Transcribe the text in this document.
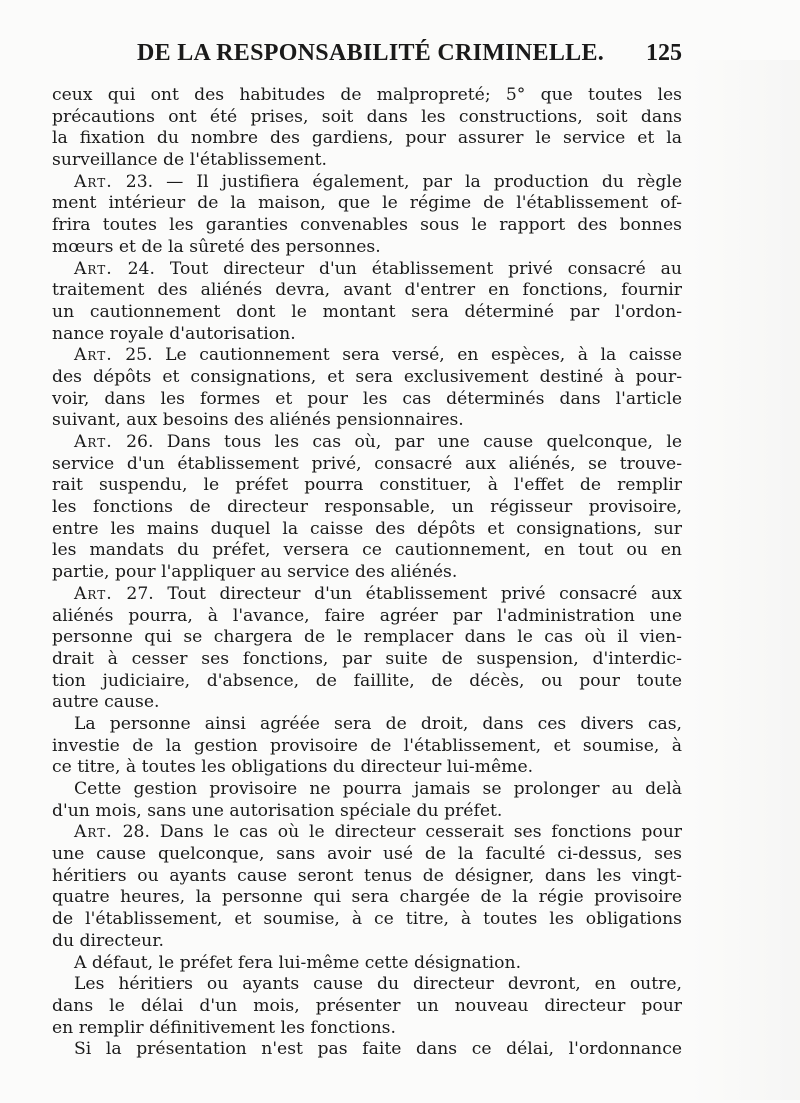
DE LA RESPONSABILITÉ CRIMINELLE. 125
ceux qui ont des habitudes de malpropreté; 5° que toutes les
précautions ont été prises, soit dans les constructions, soit dans
la fixation du nombre des gardiens, pour assurer le service et la
surveillance de l'établissement.
Art. 23. — Il justifiera également, par la production du règle
ment intérieur de la maison, que le régime de l'établissement of-
frira toutes les garanties convenables sous le rapport des bonnes
mœurs et de la sûreté des personnes.
Art. 24. Tout directeur d'un établissement privé consacré au
traitement des aliénés devra, avant d'entrer en fonctions, fournir
un cautionnement dont le montant sera déterminé par l'ordon-
nance royale d'autorisation.
Art. 25. Le cautionnement sera versé, en espèces, à la caisse
des dépôts et consignations, et sera exclusivement destiné à pour-
voir, dans les formes et pour les cas déterminés dans l'article
suivant, aux besoins des aliénés pensionnaires.
Art. 26. Dans tous les cas où, par une cause quelconque, le
service d'un établissement privé, consacré aux aliénés, se trouve-
rait suspendu, le préfet pourra constituer, à l'effet de remplir
les fonctions de directeur responsable, un régisseur provisoire,
entre les mains duquel la caisse des dépôts et consignations, sur
les mandats du préfet, versera ce cautionnement, en tout ou en
partie, pour l'appliquer au service des aliénés.
Art. 27. Tout directeur d'un établissement privé consacré aux
aliénés pourra, à l'avance, faire agréer par l'administration une
personne qui se chargera de le remplacer dans le cas où il vien-
drait à cesser ses fonctions, par suite de suspension, d'interdic-
tion judiciaire, d'absence, de faillite, de décès, ou pour toute
autre cause.
La personne ainsi agréée sera de droit, dans ces divers cas,
investie de la gestion provisoire de l'établissement, et soumise, à
ce titre, à toutes les obligations du directeur lui-même.
Cette gestion provisoire ne pourra jamais se prolonger au delà
d'un mois, sans une autorisation spéciale du préfet.
Art. 28. Dans le cas où le directeur cesserait ses fonctions pour
une cause quelconque, sans avoir usé de la faculté ci-dessus, ses
héritiers ou ayants cause seront tenus de désigner, dans les vingt-
quatre heures, la personne qui sera chargée de la régie provisoire
de l'établissement, et soumise, à ce titre, à toutes les obligations
du directeur.
A défaut, le préfet fera lui-même cette désignation.
Les héritiers ou ayants cause du directeur devront, en outre,
dans le délai d'un mois, présenter un nouveau directeur pour
en remplir définitivement les fonctions.
Si la présentation n'est pas faite dans ce délai, l'ordonnance
